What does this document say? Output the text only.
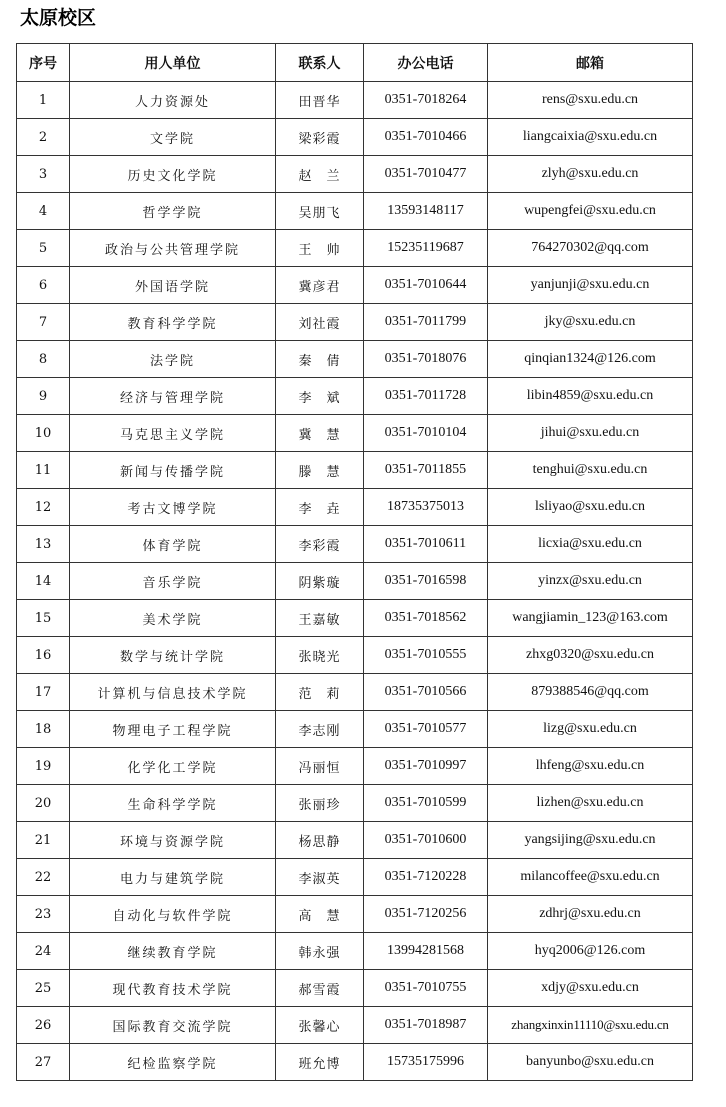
太原校区
序号	用人单位	联系人	办公电话	邮箱
1	人力资源处	田晋华	0351-7018264	rens@sxu.edu.cn
2	文学院	梁彩霞	0351-7010466	liangcaixia@sxu.edu.cn
3	历史文化学院	赵　兰	0351-7010477	zlyh@sxu.edu.cn
4	哲学学院	吴朋飞	13593148117	wupengfei@sxu.edu.cn
5	政治与公共管理学院	王　帅	15235119687	764270302@qq.com
6	外国语学院	冀彦君	0351-7010644	yanjunji@sxu.edu.cn
7	教育科学学院	刘社霞	0351-7011799	jky@sxu.edu.cn
8	法学院	秦　倩	0351-7018076	qinqian1324@126.com
9	经济与管理学院	李　斌	0351-7011728	libin4859@sxu.edu.cn
10	马克思主义学院	冀　慧	0351-7010104	jihui@sxu.edu.cn
11	新闻与传播学院	滕　慧	0351-7011855	tenghui@sxu.edu.cn
12	考古文博学院	李　垚	18735375013	lsliyao@sxu.edu.cn
13	体育学院	李彩霞	0351-7010611	licxia@sxu.edu.cn
14	音乐学院	阴紫璇	0351-7016598	yinzx@sxu.edu.cn
15	美术学院	王嘉敏	0351-7018562	wangjiamin_123@163.com
16	数学与统计学院	张晓光	0351-7010555	zhxg0320@sxu.edu.cn
17	计算机与信息技术学院	范　莉	0351-7010566	879388546@qq.com
18	物理电子工程学院	李志刚	0351-7010577	lizg@sxu.edu.cn
19	化学化工学院	冯丽恒	0351-7010997	lhfeng@sxu.edu.cn
20	生命科学学院	张丽珍	0351-7010599	lizhen@sxu.edu.cn
21	环境与资源学院	杨思静	0351-7010600	yangsijing@sxu.edu.cn
22	电力与建筑学院	李淑英	0351-7120228	milancoffee@sxu.edu.cn
23	自动化与软件学院	高　慧	0351-7120256	zdhrj@sxu.edu.cn
24	继续教育学院	韩永强	13994281568	hyq2006@126.com
25	现代教育技术学院	郝雪霞	0351-7010755	xdjy@sxu.edu.cn
26	国际教育交流学院	张馨心	0351-7018987	zhangxinxin11110@sxu.edu.cn
27	纪检监察学院	班允博	15735175996	banyunbo@sxu.edu.cn
